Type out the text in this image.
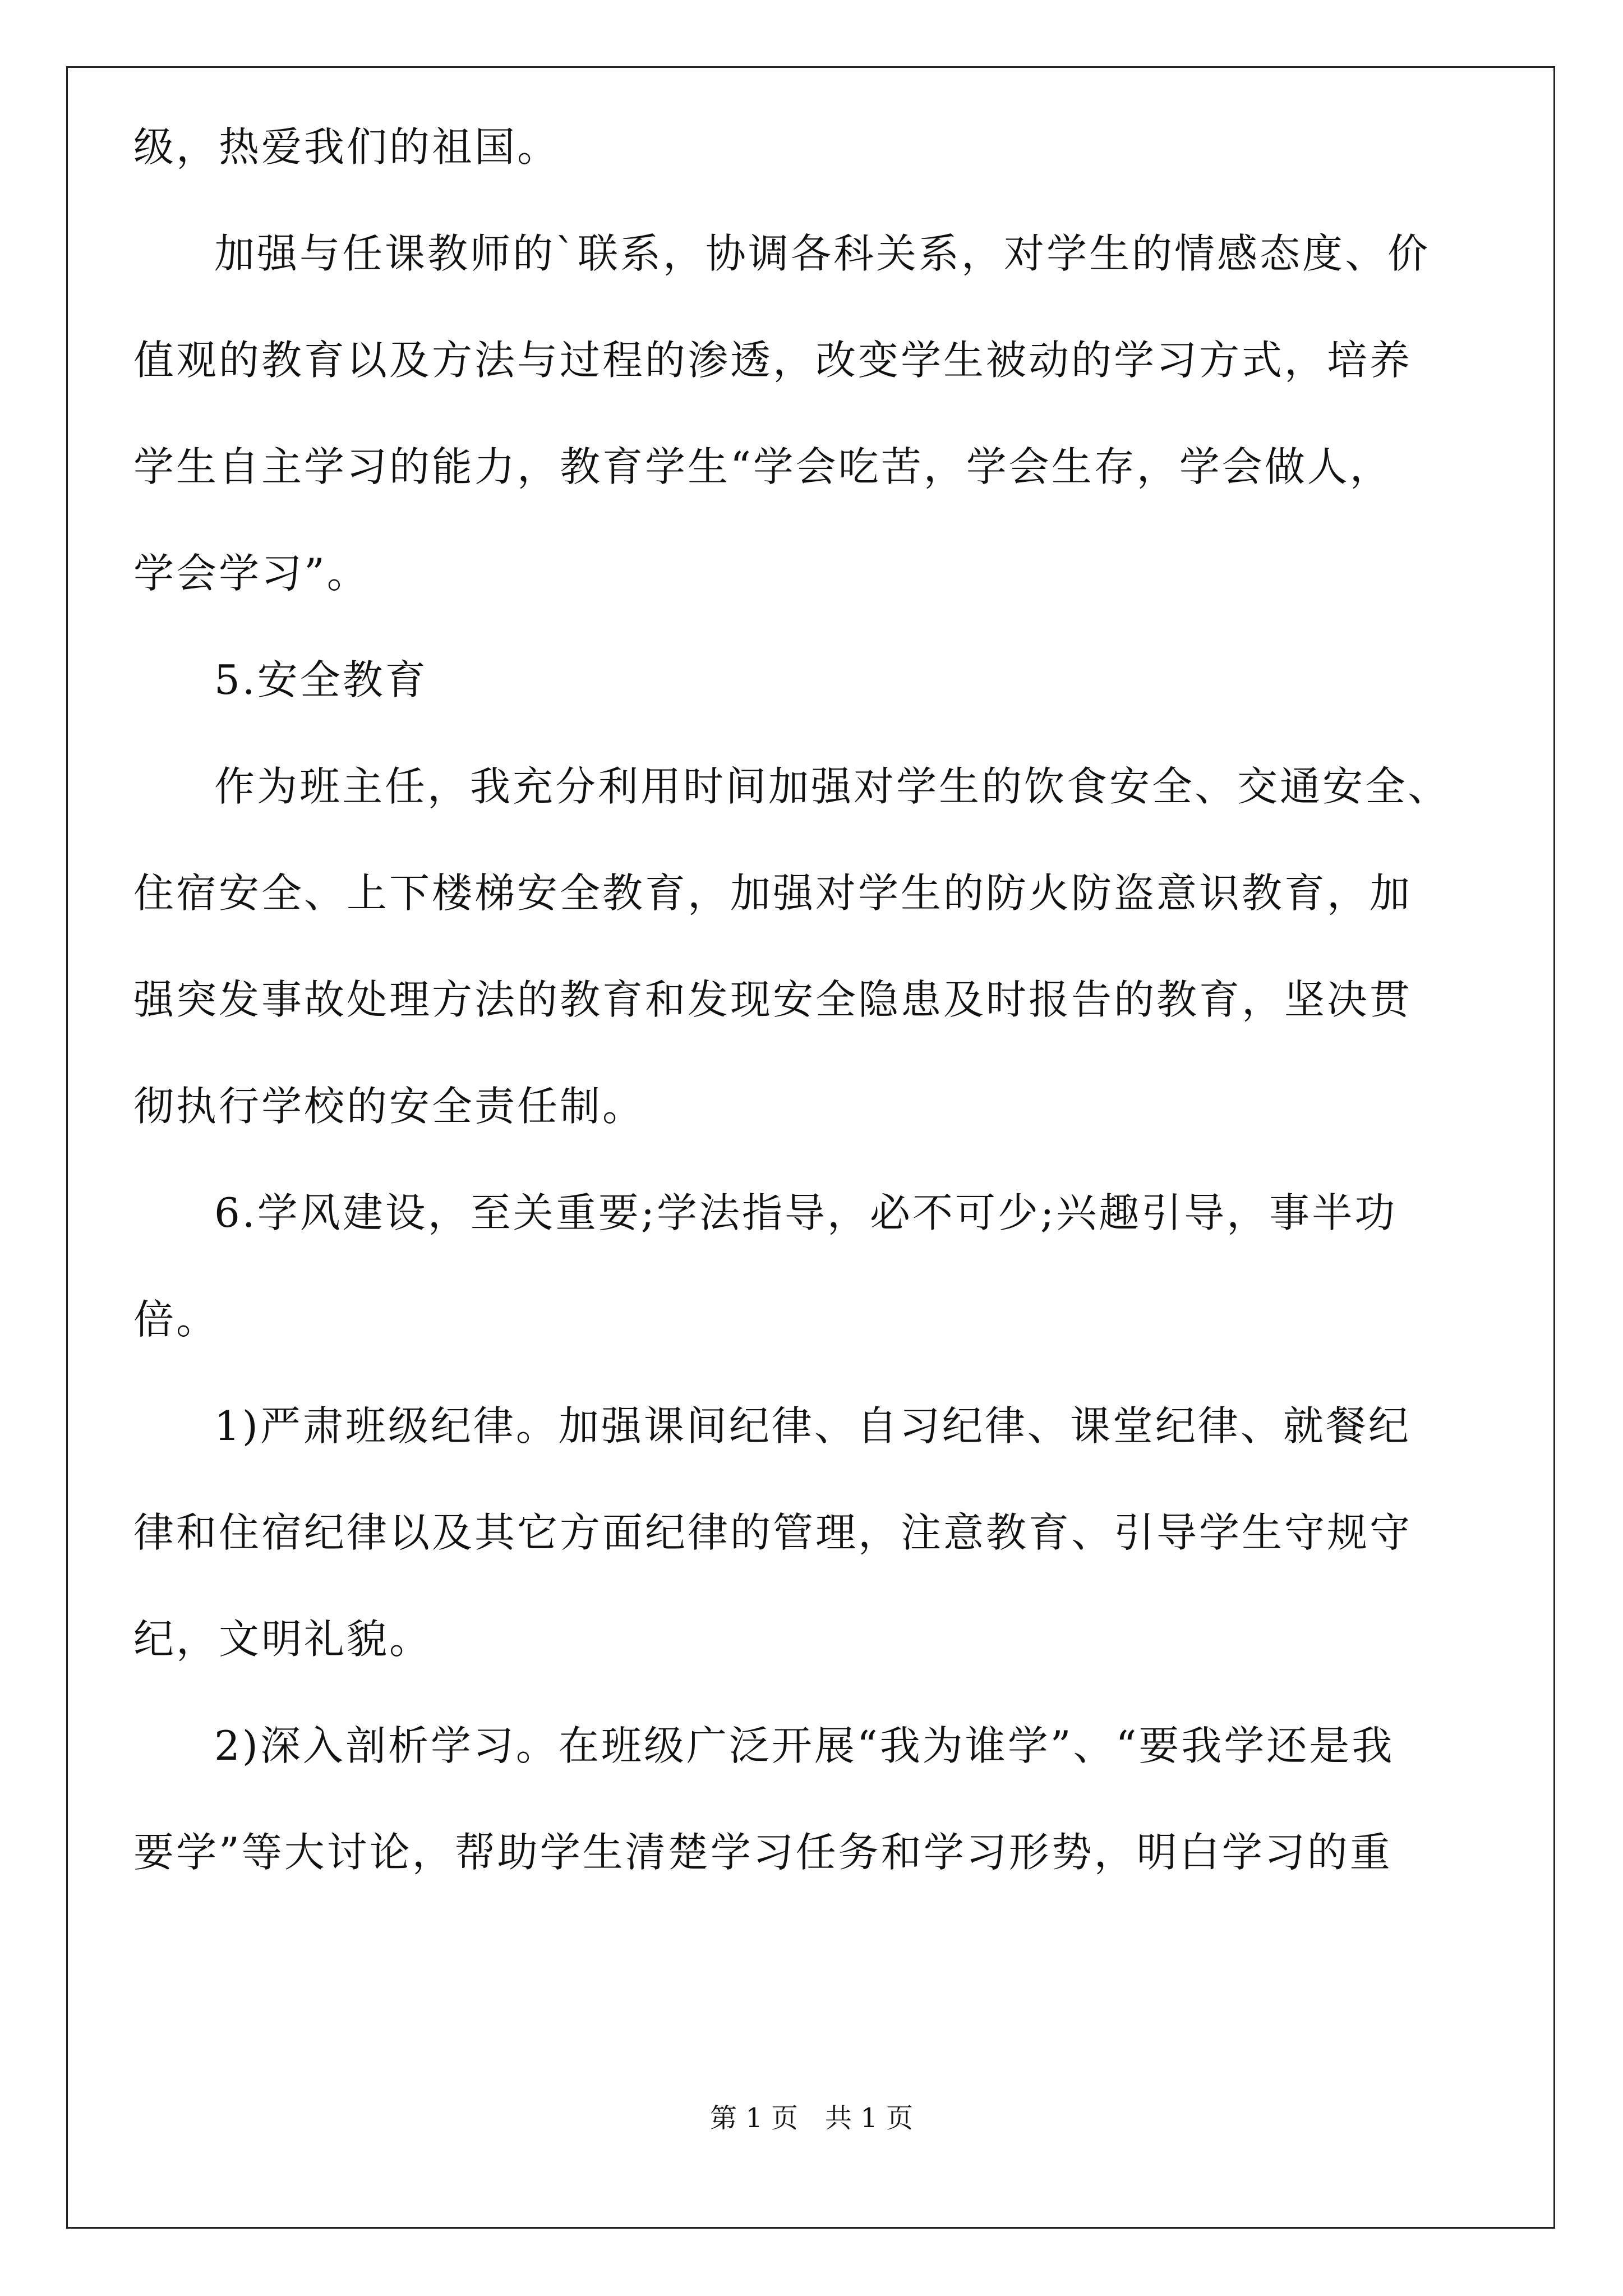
级，热爱我们的祖国。
加强与任课教师的`联系，协调各科关系，对学生的情感态度、价
值观的教育以及方法与过程的渗透，改变学生被动的学习方式，培养
学生自主学习的能力，教育学生“学会吃苦，学会生存，学会做人，
学会学习”。
5.安全教育
作为班主任，我充分利用时间加强对学生的饮食安全、交通安全、
住宿安全、上下楼梯安全教育，加强对学生的防火防盗意识教育，加
强突发事故处理方法的教育和发现安全隐患及时报告的教育，坚决贯
彻执行学校的安全责任制。
6.学风建设，至关重要;学法指导，必不可少;兴趣引导，事半功
倍。
1)严肃班级纪律。加强课间纪律、自习纪律、课堂纪律、就餐纪
律和住宿纪律以及其它方面纪律的管理，注意教育、引导学生守规守
纪，文明礼貌。
2)深入剖析学习。在班级广泛开展“我为谁学”、“要我学还是我
要学”等大讨论，帮助学生清楚学习任务和学习形势，明白学习的重
第 1 页　共 1 页
